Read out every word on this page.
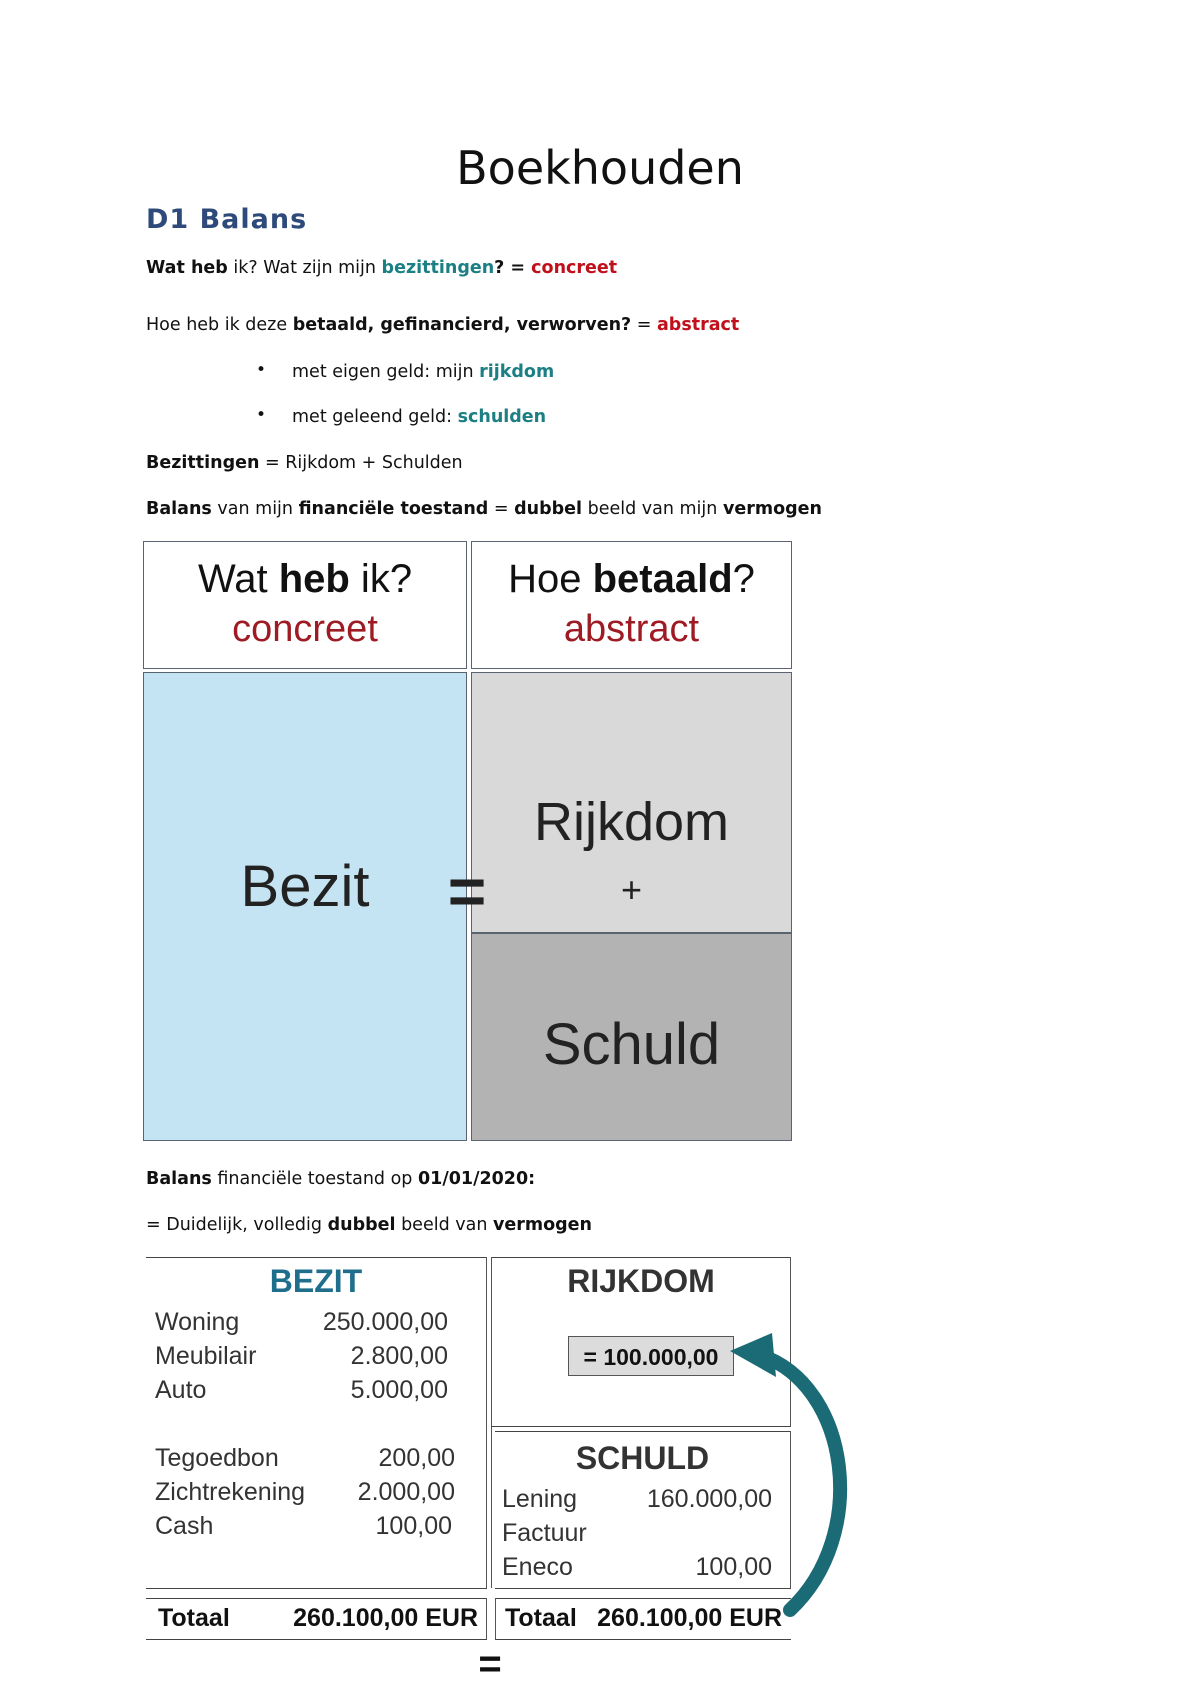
Boekhouden
D1 Balans
Wat heb ik? Wat zijn mijn bezittingen? = concreet
Hoe heb ik deze betaald, gefinancierd, verworven? = abstract
• met eigen geld: mijn rijkdom
• met geleend geld: schulden
Bezittingen = Rijkdom + Schulden
Balans van mijn financiële toestand = dubbel beeld van mijn vermogen
Wat heb ik?
concreet
Hoe betaald?
abstract
Bezit
Rijkdom
+
Schuld
=
Balans financiële toestand op 01/01/2020:
= Duidelijk, volledig dubbel beeld van vermogen
BEZIT
Woning	250.000,00
Meubilair	2.800,00
Auto	5.000,00
Tegoedbon	200,00
Zichtrekening	2.000,00
Cash	100,00
RIJKDOM
= 100.000,00
SCHULD
Lening	160.000,00
Factuur
Eneco	100,00
Totaal	260.100,00 EUR Totaal 260.100,00 EUR
=
